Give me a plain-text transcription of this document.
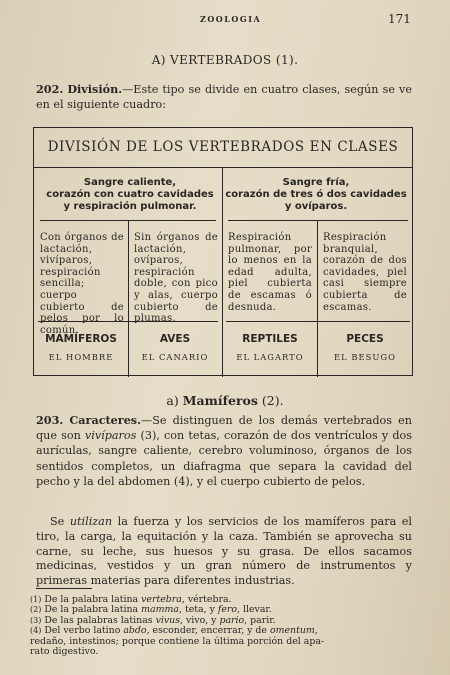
ZOOLOGIA	171
A) VERTEBRADOS (1).
202. División.—Este tipo se divide en cuatro clases, según se ve en el siguiente cuadro:
DIVISIÓN DE LOS VERTEBRADOS EN CLASES
Sangre caliente,
corazón con cuatro cavidades
y respiración pulmonar.
Sangre fría,
corazón de tres ó dos cavidades
y ovíparos.
Con órganos de lactación, vivíparos, respiración sencilla; cuerpo cubierto de pelos por lo común.
Sin órganos de lactación, ovíparos, respiración doble, con pico y alas, cuerpo cubierto de plumas.
Respiración pulmonar, por lo menos en la edad adulta, piel cubierta de escamas ó desnuda.
Respiración branquial, corazón de dos cavidades, piel casi siempre cubierta de escamas.
MAMÍFEROS	AVES	REPTILES	PECES
EL HOMBRE	EL CANARIO	EL LAGARTO	EL BESUGO
a) Mamíferos (2).
203. Caracteres.—Se distinguen de los demás vertebrados en que son vivíparos (3), con tetas, corazón de dos ventrículos y dos aurículas, sangre caliente, cerebro voluminoso, órganos de los sentidos completos, un diafragma que separa la cavidad del pecho y la del abdomen (4), y el cuerpo cubierto de pelos.
Se utilizan la fuerza y los servicios de los mamíferos para el tiro, la carga, la equitación y la caza. También se aprovecha su carne, su leche, sus huesos y su grasa. De ellos sacamos medicinas, vestidos y un gran número de instrumentos y primeras materias para diferentes industrias.
(1) De la palabra latina vertebra, vértebra.
(2) De la palabra latina mamma, teta, y fero, llevar.
(3) De las palabras latinas vivus, vivo, y pario, parir.
(4) Del verbo latino abdo, esconder, encerrar, y de omentum,
redaño, intestinos; porque contiene la última porción del apa-
rato digestivo.
